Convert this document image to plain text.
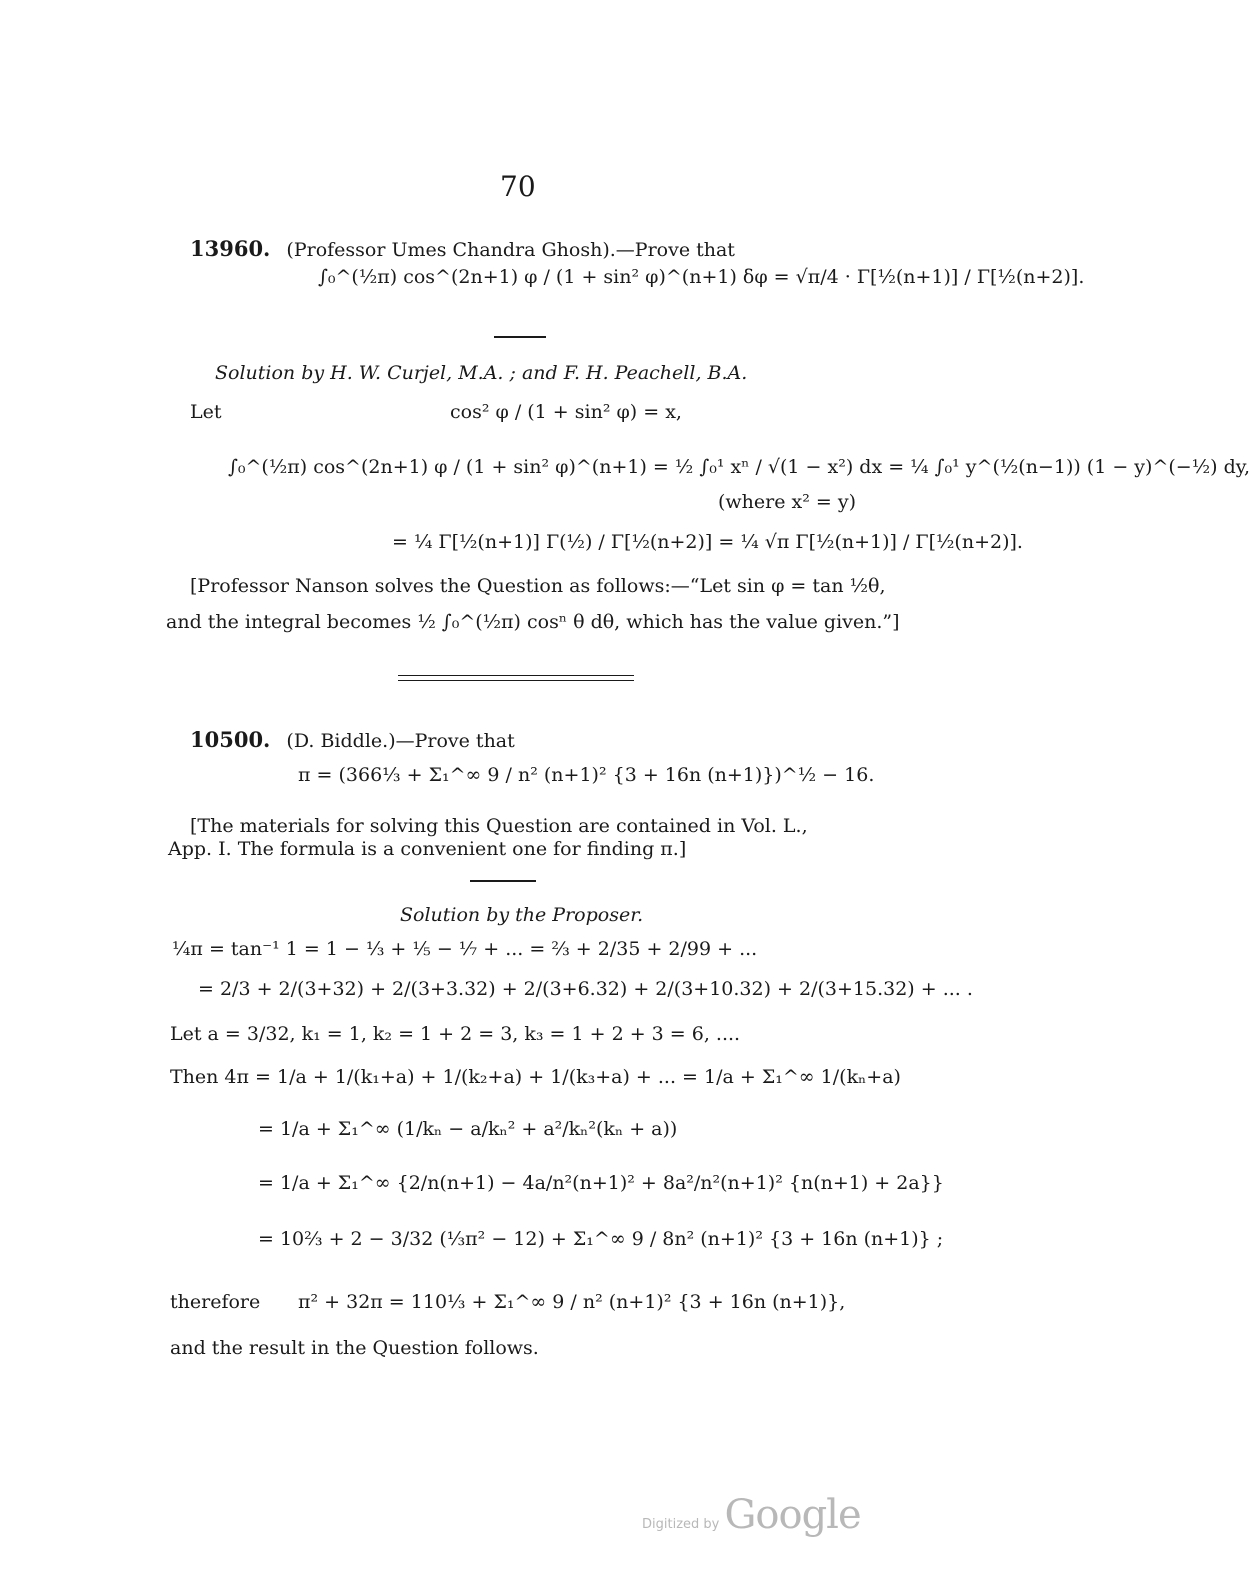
70
13960. (Professor Umes Chandra Ghosh).—Prove that
∫₀^(½π) cos^(2n+1) φ / (1 + sin² φ)^(n+1) δφ = √π/4 · Γ[½(n+1)] / Γ[½(n+2)].
Solution by H. W. Curjel, M.A. ; and F. H. Peachell, B.A.
Let	cos² φ / (1 + sin² φ) = x,
∫₀^(½π) cos^(2n+1) φ / (1 + sin² φ)^(n+1) = ½ ∫₀¹ xⁿ / √(1 − x²) dx = ¼ ∫₀¹ y^(½(n−1)) (1 − y)^(−½) dy,
(where x² = y)
= ¼ Γ[½(n+1)] Γ(½) / Γ[½(n+2)] = ¼ √π Γ[½(n+1)] / Γ[½(n+2)].
[Professor Nanson solves the Question as follows:—“Let sin φ = tan ½θ,
and the integral becomes ½ ∫₀^(½π) cosⁿ θ dθ, which has the value given.”]
10500. (D. Biddle.)—Prove that
π = (366⅓ + Σ₁^∞ 9 / n² (n+1)² {3 + 16n (n+1)})^½ − 16.
[The materials for solving this Question are contained in Vol. L.,
App. I. The formula is a convenient one for finding π.]
Solution by the Proposer.
¼π = tan⁻¹ 1 = 1 − ⅓ + ⅕ − ⅐ + ... = ⅔ + 2/35 + 2/99 + ...
= 2/3 + 2/(3+32) + 2/(3+3.32) + 2/(3+6.32) + 2/(3+10.32) + 2/(3+15.32) + ... .
Let a = 3/32, k₁ = 1, k₂ = 1 + 2 = 3, k₃ = 1 + 2 + 3 = 6, ....
Then 4π = 1/a + 1/(k₁+a) + 1/(k₂+a) + 1/(k₃+a) + ... = 1/a + Σ₁^∞ 1/(kₙ+a)
= 1/a + Σ₁^∞ (1/kₙ − a/kₙ² + a²/kₙ²(kₙ + a))
= 1/a + Σ₁^∞ {2/n(n+1) − 4a/n²(n+1)² + 8a²/n²(n+1)² {n(n+1) + 2a}}
= 10⅔ + 2 − 3/32 (⅓π² − 12) + Σ₁^∞ 9 / 8n² (n+1)² {3 + 16n (n+1)} ;
therefore π² + 32π = 110⅓ + Σ₁^∞ 9 / n² (n+1)² {3 + 16n (n+1)},
and the result in the Question follows.
Digitized by Google
